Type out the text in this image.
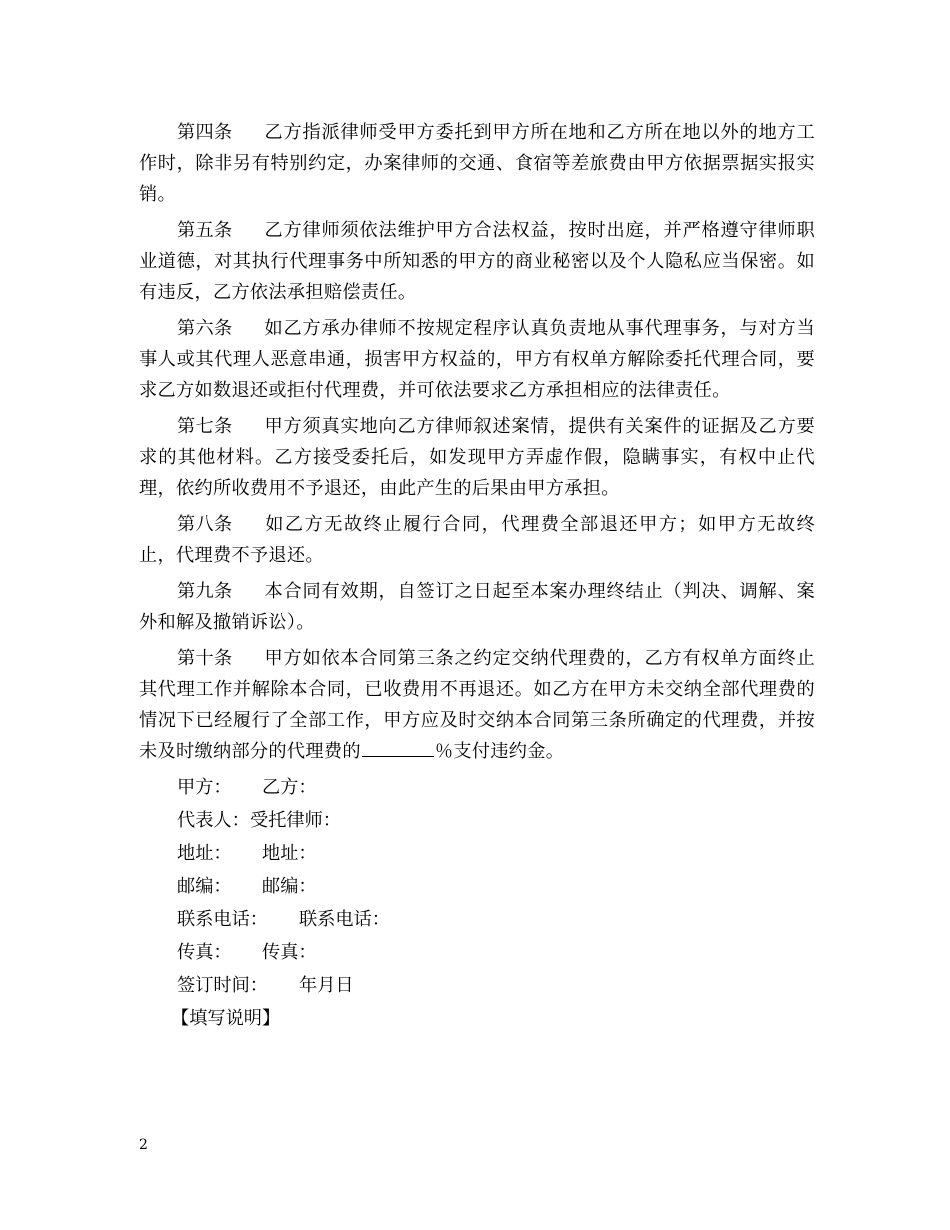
第四条 乙方指派律师受甲方委托到甲方所在地和乙方所在地以外的地方工作时，除非另有特别约定，办案律师的交通、食宿等差旅费由甲方依据票据实报实销。

第五条 乙方律师须依法维护甲方合法权益，按时出庭，并严格遵守律师职业道德，对其执行代理事务中所知悉的甲方的商业秘密以及个人隐私应当保密。如有违反，乙方依法承担赔偿责任。

第六条 如乙方承办律师不按规定程序认真负责地从事代理事务，与对方当事人或其代理人恶意串通，损害甲方权益的，甲方有权单方解除委托代理合同，要求乙方如数退还或拒付代理费，并可依法要求乙方承担相应的法律责任。

第七条 甲方须真实地向乙方律师叙述案情，提供有关案件的证据及乙方要求的其他材料。乙方接受委托后，如发现甲方弄虚作假，隐瞒事实，有权中止代理，依约所收费用不予退还，由此产生的后果由甲方承担。

第八条 如乙方无故终止履行合同，代理费全部退还甲方；如甲方无故终止，代理费不予退还。

第九条 本合同有效期，自签订之日起至本案办理终结止（判决、调解、案外和解及撤销诉讼）。

第十条 甲方如依本合同第三条之约定交纳代理费的，乙方有权单方面终止其代理工作并解除本合同，已收费用不再退还。如乙方在甲方未交纳全部代理费的情况下已经履行了全部工作，甲方应及时交纳本合同第三条所确定的代理费，并按未及时缴纳部分的代理费的	％支付违约金。

甲方： 乙方：
代表人： 受托律师：
地址： 地址：
邮编： 邮编：
联系电话： 联系电话：
传真： 传真：
签订时间： 年月日
【填写说明】
2
